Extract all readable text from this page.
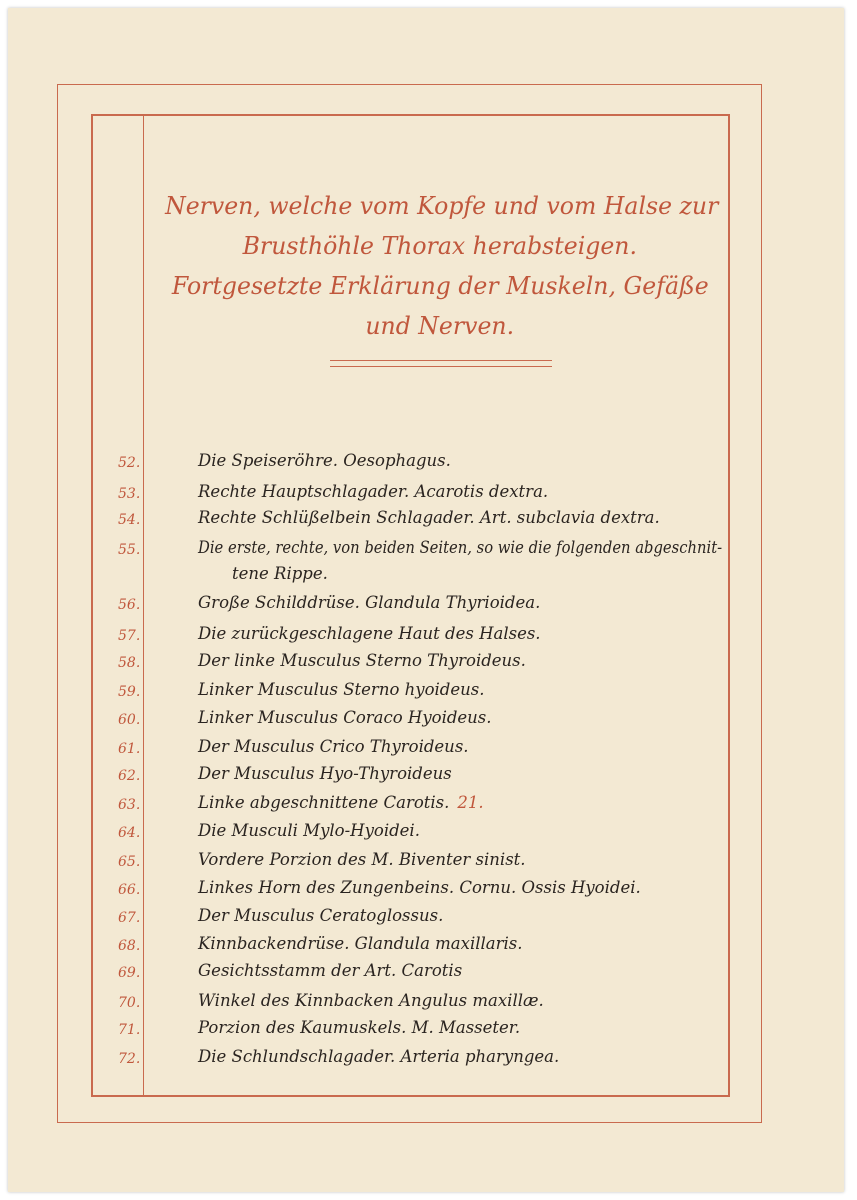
Nerven, welche vom Kopfe und vom Halse zur Brusthöhle Thorax herabsteigen. Fortgesetzte Erklärung der Muskeln, Gefäße und Nerven.
52.	Die Speiseröhre. Oesophagus.
53.	Rechte Hauptschlagader. Acarotis dextra.
54.	Rechte Schlüßelbein Schlagader. Art. subclavia dextra.
55.	Die erste, rechte, von beiden Seiten, so wie die folgenden abgeschnit-
tene Rippe.
56.	Große Schilddrüse. Glandula Thyrioidea.
57.	Die zurückgeschlagene Haut des Halses.
58.	Der linke Musculus Sterno Thyroideus.
59.	Linker Musculus Sterno hyoideus.
60.	Linker Musculus Coraco Hyoideus.
61.	Der Musculus Crico Thyroideus.
62.	Der Musculus Hyo-Thyroideus
63.	Linke abgeschnittene Carotis. 21.
64.	Die Musculi Mylo-Hyoidei.
65.	Vordere Porzion des M. Biventer sinist.
66.	Linkes Horn des Zungenbeins. Cornu. Ossis Hyoidei.
67.	Der Musculus Ceratoglossus.
68.	Kinnbackendrüse. Glandula maxillaris.
69.	Gesichtsstamm der Art. Carotis
70.	Winkel des Kinnbacken Angulus maxillæ.
71.	Porzion des Kaumuskels. M. Masseter.
72.	Die Schlundschlagader. Arteria pharyngea.
